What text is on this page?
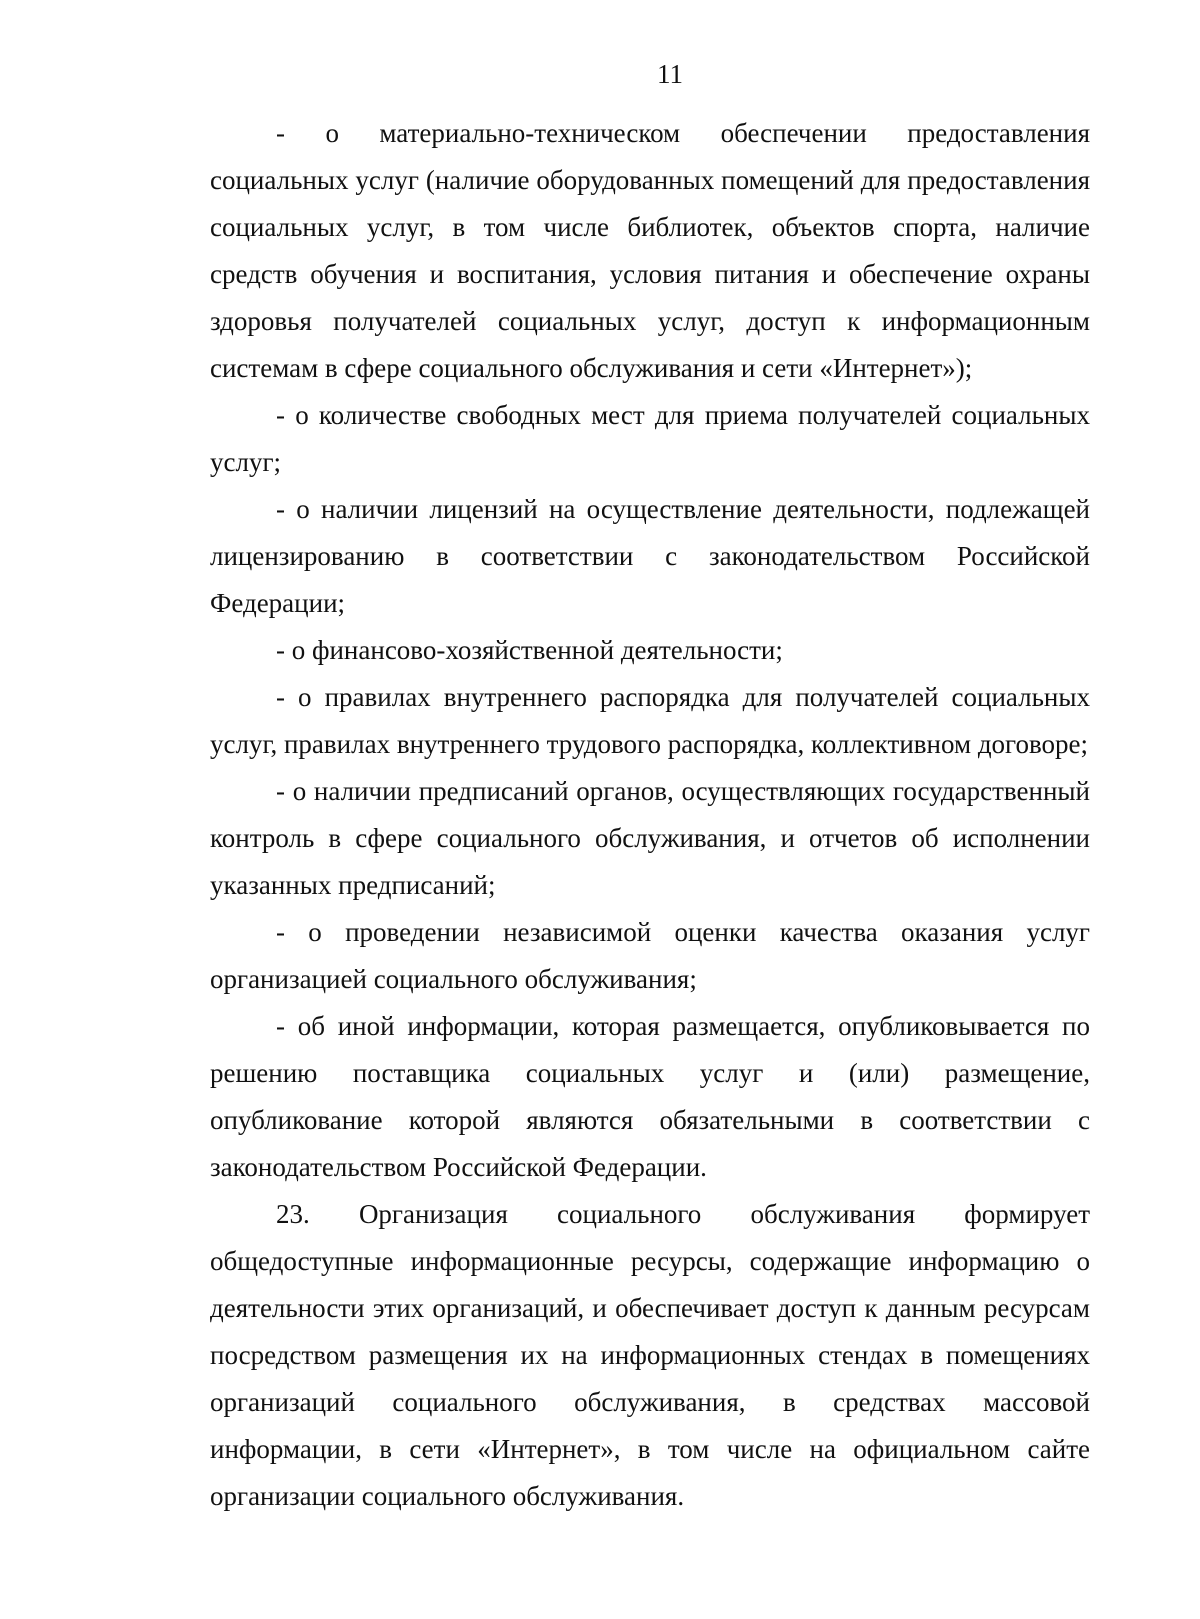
11

- о материально-техническом обеспечении предоставления социальных услуг (наличие оборудованных помещений для предоставления социальных услуг, в том числе библиотек, объектов спорта, наличие средств обучения и воспитания, условия питания и обеспечение охраны здоровья получателей социальных услуг, доступ к информационным системам в сфере социального обслуживания и сети «Интернет»);

- о количестве свободных мест для приема получателей социальных услуг;

- о наличии лицензий на осуществление деятельности, подлежащей лицензированию в соответствии с законодательством Российской Федерации;

- о финансово-хозяйственной деятельности;

- о правилах внутреннего распорядка для получателей социальных услуг, правилах внутреннего трудового распорядка, коллективном договоре;

- о наличии предписаний органов, осуществляющих государственный контроль в сфере социального обслуживания, и отчетов об исполнении указанных предписаний;

- о проведении независимой оценки качества оказания услуг организацией социального обслуживания;

- об иной информации, которая размещается, опубликовывается по решению поставщика социальных услуг и (или) размещение, опубликование которой являются обязательными в соответствии с законодательством Российской Федерации.

23. Организация социального обслуживания формирует общедоступные информационные ресурсы, содержащие информацию о деятельности этих организаций, и обеспечивает доступ к данным ресурсам посредством размещения их на информационных стендах в помещениях организаций социального обслуживания, в средствах массовой информации, в сети «Интернет», в том числе на официальном сайте организации социального обслуживания.
